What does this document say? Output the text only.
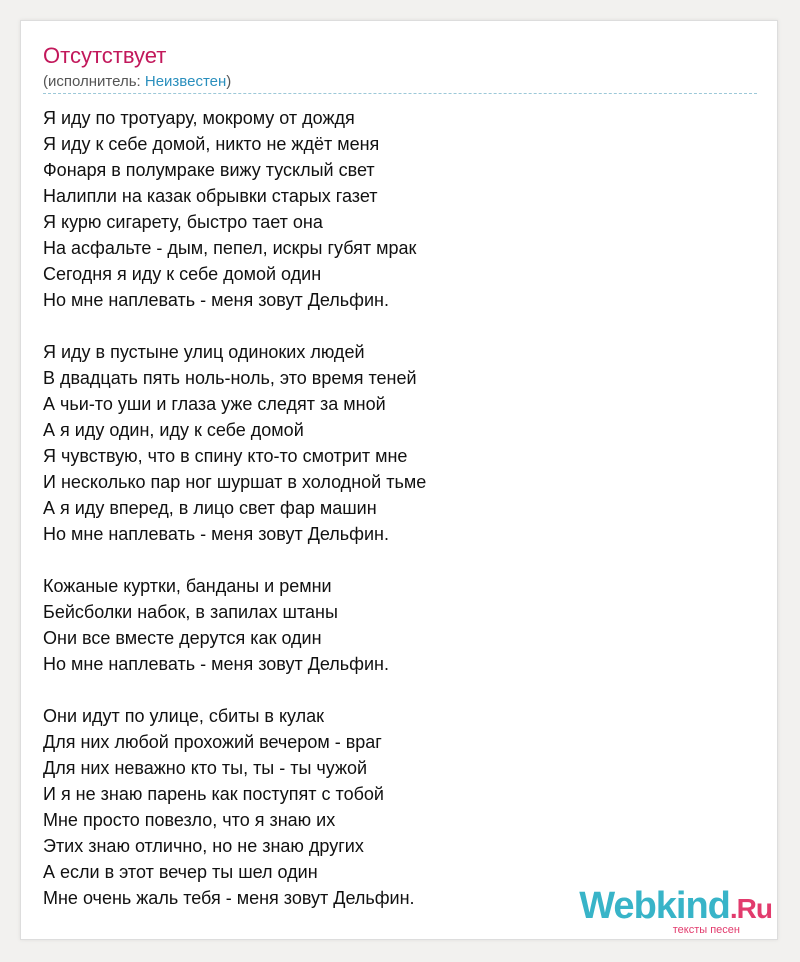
Отсутствует
(исполнитель: Неизвестен)
Я иду по тротуару, мокрому от дождя
Я иду к себе домой, никто не ждёт меня
Фонаря в полумраке вижу тусклый свет
Налипли на казак обрывки старых газет
Я курю сигарету, быстро тает она
На асфальте - дым, пепел, искры губят мрак
Сегодня я иду к себе домой один
Но мне наплевать - меня зовут Дельфин.
Я иду в пустыне улиц одиноких людей
В двадцать пять ноль-ноль, это время теней
А чьи-то уши и глаза уже следят за мной
А я иду один, иду к себе домой
Я чувствую, что в спину кто-то смотрит мне
И несколько пар ног шуршат в холодной тьме
А я иду вперед, в лицо свет фар машин
Но мне наплевать - меня зовут Дельфин.
Кожаные куртки, банданы и ремни
Бейсболки набок, в запилах штаны
Они все вместе дерутся как один
Но мне наплевать - меня зовут Дельфин.
Они идут по улице, сбиты в кулак
Для них любой прохожий вечером - враг
Для них неважно кто ты, ты - ты чужой
И я не знаю парень как поступят с тобой
Мне просто повезло, что я знаю их
Этих знаю отлично, но не знаю других
А если в этот вечер ты шел один
Мне очень жаль тебя - меня зовут Дельфин.	Webkind.Ru
тексты песен
